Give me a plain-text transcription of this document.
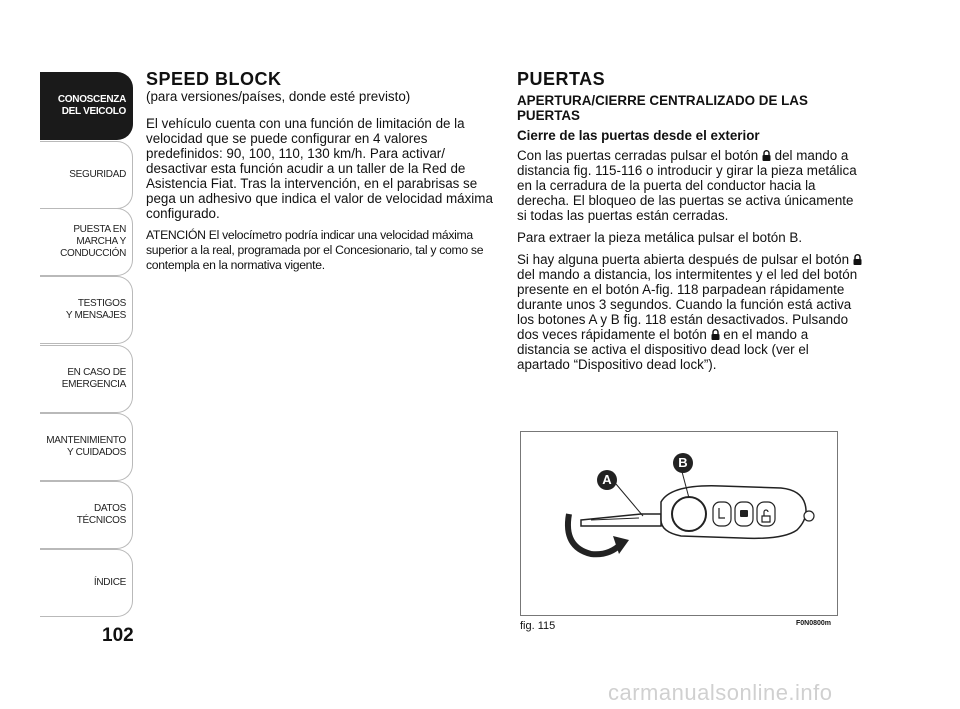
CONOSCENZA
DEL VEICOLO
SEGURIDAD
PUESTA EN
MARCHA Y
CONDUCCIÓN
TESTIGOS
Y MENSAJES
EN CASO DE
EMERGENCIA
MANTENIMIENTO
Y CUIDADOS
DATOS
TÉCNICOS
ÍNDICE
102
SPEED BLOCK

(para versiones/países, donde esté previsto)

El vehículo cuenta con una función de limitación de la velocidad que se puede configurar en 4 valores predefinidos: 90, 100, 110, 130 km/h. Para activar/ desactivar esta función acudir a un taller de la Red de Asistencia Fiat. Tras la intervención, en el parabrisas se pega un adhesivo que indica el valor de velocidad máxima configurado.

ATENCIÓN El velocímetro podría indicar una velocidad máxima superior a la real, programada por el Concesionario, tal y como se contempla en la normativa vigente.

PUERTAS
APERTURA/CIERRE CENTRALIZADO DE LAS PUERTAS
Cierre de las puertas desde el exterior

Con las puertas cerradas pulsar el botón del mando a distancia fig. 115-116 o introducir y girar la pieza metálica en la cerradura de la puerta del conductor hacia la derecha. El bloqueo de las puertas se activa únicamente si todas las puertas están cerradas.

Para extraer la pieza metálica pulsar el botón B.

Si hay alguna puerta abierta después de pulsar el botón  del mando a distancia, los intermitentes y el led del botón presente en el botón A-fig. 118 parpadean rápidamente durante unos 3 segundos. Cuando la función está activa los botones A y B fig. 118 están desactivados. Pulsando dos veces rápidamente el botón en el mando a distancia se activa el dispositivo dead lock (ver el apartado “Dispositivo dead lock”).

A
B
fig. 115	F0N0800m
carmanualsonline.info
